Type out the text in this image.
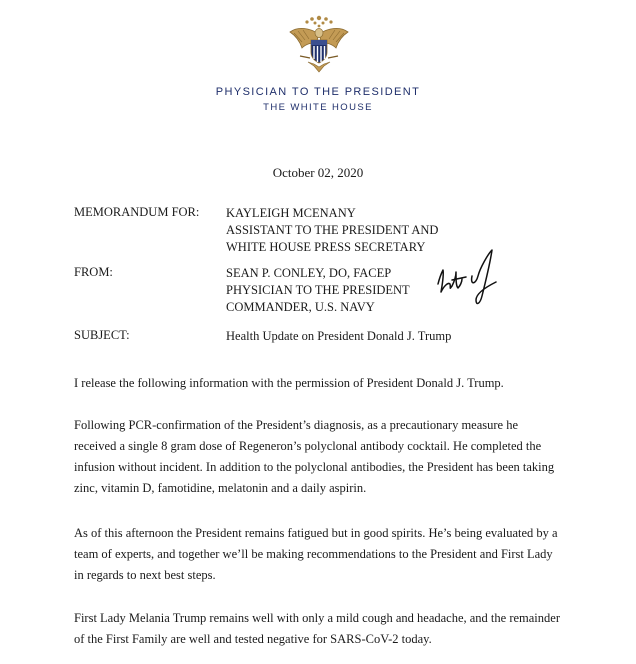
PHYSICIAN TO THE PRESIDENT
THE WHITE HOUSE
October 02, 2020
MEMORANDUM FOR: KAYLEIGH MCENANY
ASSISTANT TO THE PRESIDENT AND
WHITE HOUSE PRESS SECRETARY
FROM:	SEAN P. CONLEY, DO, FACEP
PHYSICIAN TO THE PRESIDENT
COMMANDER, U.S. NAVY
SUBJECT:	Health Update on President Donald J. Trump
I release the following information with the permission of President Donald J. Trump.
Following PCR-confirmation of the President’s diagnosis, as a precautionary measure he
received a single 8 gram dose of Regeneron’s polyclonal antibody cocktail. He completed the
infusion without incident. In addition to the polyclonal antibodies, the President has been taking
zinc, vitamin D, famotidine, melatonin and a daily aspirin.
As of this afternoon the President remains fatigued but in good spirits. He’s being evaluated by a
team of experts, and together we’ll be making recommendations to the President and First Lady
in regards to next best steps.
First Lady Melania Trump remains well with only a mild cough and headache, and the remainder
of the First Family are well and tested negative for SARS-CoV-2 today.
